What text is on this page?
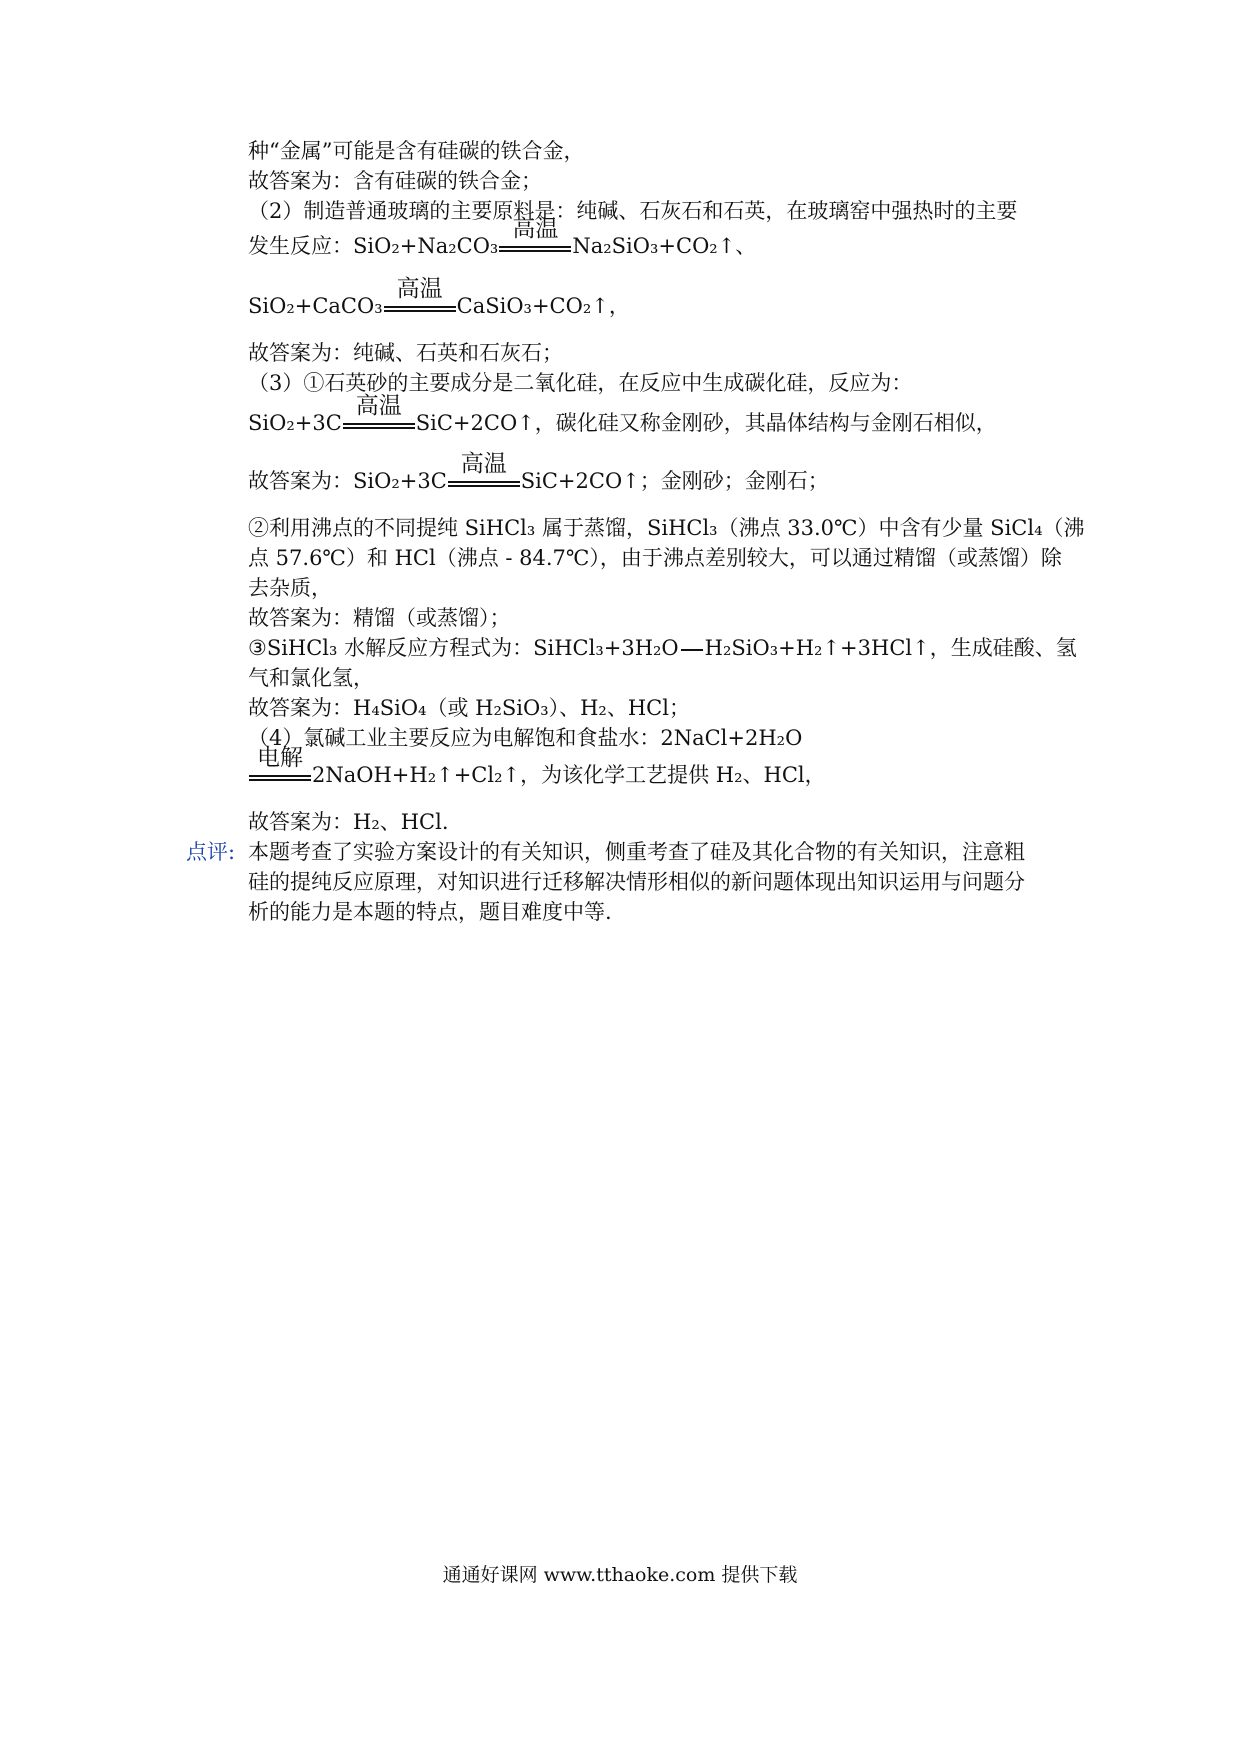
种“金属”可能是含有硅碳的铁合金，
故答案为：含有硅碳的铁合金；
（2）制造普通玻璃的主要原料是：纯碱、石灰石和石英，在玻璃窑中强热时的主要
发生反应：SiO₂+Na₂CO₃
高温
Na₂SiO₃+CO₂↑、
SiO₂+CaCO₃
高温
CaSiO₃+CO₂↑，
故答案为：纯碱、石英和石灰石；
（3）①石英砂的主要成分是二氧化硅，在反应中生成碳化硅，反应为：
SiO₂+3C
高温
SiC+2CO↑，碳化硅又称金刚砂，其晶体结构与金刚石相似，
故答案为：SiO₂+3C
高温
SiC+2CO↑；金刚砂；金刚石；
②利用沸点的不同提纯 SiHCl₃ 属于蒸馏，SiHCl₃（沸点 33.0℃）中含有少量 SiCl₄（沸
点 57.6℃）和 HCl（沸点 - 84.7℃），由于沸点差别较大，可以通过精馏（或蒸馏）除
去杂质，
故答案为：精馏（或蒸馏）；
③SiHCl₃ 水解反应方程式为：SiHCl₃+3H₂O H₂SiO₃+H₂↑+3HCl↑，生成硅酸、氢
气和氯化氢，
故答案为：H₄SiO₄（或 H₂SiO₃）、H₂、HCl；
（4）氯碱工业主要反应为电解饱和食盐水：2NaCl+2H₂O
电解
2NaOH+H₂↑+Cl₂↑，为该化学工艺提供 H₂、HCl，
故答案为：H₂、HCl.
点评: 本题考查了实验方案设计的有关知识，侧重考查了硅及其化合物的有关知识，注意粗
硅的提纯反应原理，对知识进行迁移解决情形相似的新问题体现出知识运用与问题分
析的能力是本题的特点，题目难度中等.
通通好课网 www.tthaoke.com 提供下载
